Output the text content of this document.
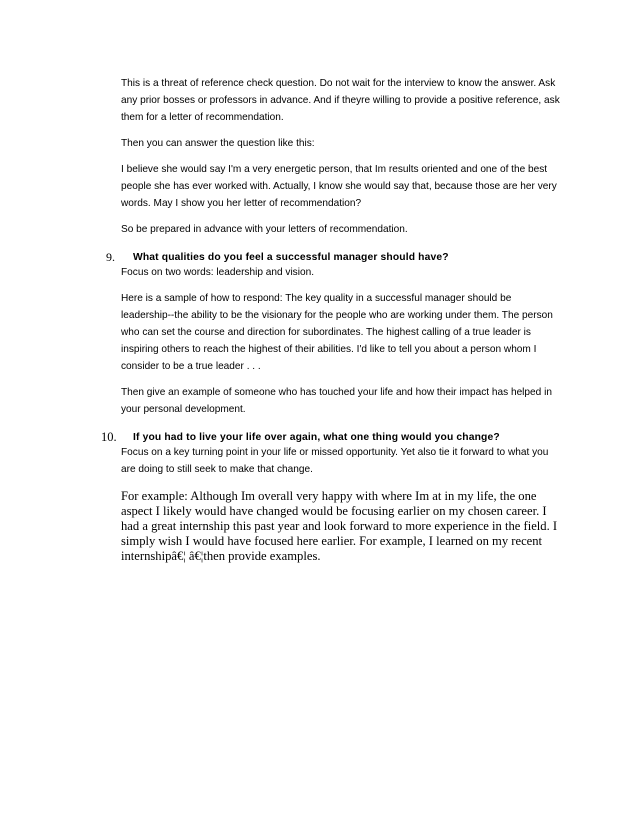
This is a threat of reference check question. Do not wait for the interview to know the answer. Ask any prior bosses or professors in advance. And if theyre willing to provide a positive reference, ask them for a letter of recommendation.

Then you can answer the question like this:

I believe she would say I'm a very energetic person, that Im results oriented and one of the best people she has ever worked with. Actually, I know she would say that, because those are her very words. May I show you her letter of recommendation?

So be prepared in advance with your letters of recommendation.

9. What qualities do you feel a successful manager should have?

Focus on two words: leadership and vision.

Here is a sample of how to respond: The key quality in a successful manager should be leadership--the ability to be the visionary for the people who are working under them. The person who can set the course and direction for subordinates. The highest calling of a true leader is inspiring others to reach the highest of their abilities. I'd like to tell you about a person whom I consider to be a true leader . . .

Then give an example of someone who has touched your life and how their impact has helped in your personal development.

10. If you had to live your life over again, what one thing would you change?

Focus on a key turning point in your life or missed opportunity. Yet also tie it forward to what you are doing to still seek to make that change.

For example: Although Im overall very happy with where Im at in my life, the one aspect I likely would have changed would be focusing earlier on my chosen career. I had a great internship this past year and look forward to more experience in the field. I simply wish I would have focused here earlier. For example, I learned on my recent internshipâ€¦ â€¦then provide examples.
